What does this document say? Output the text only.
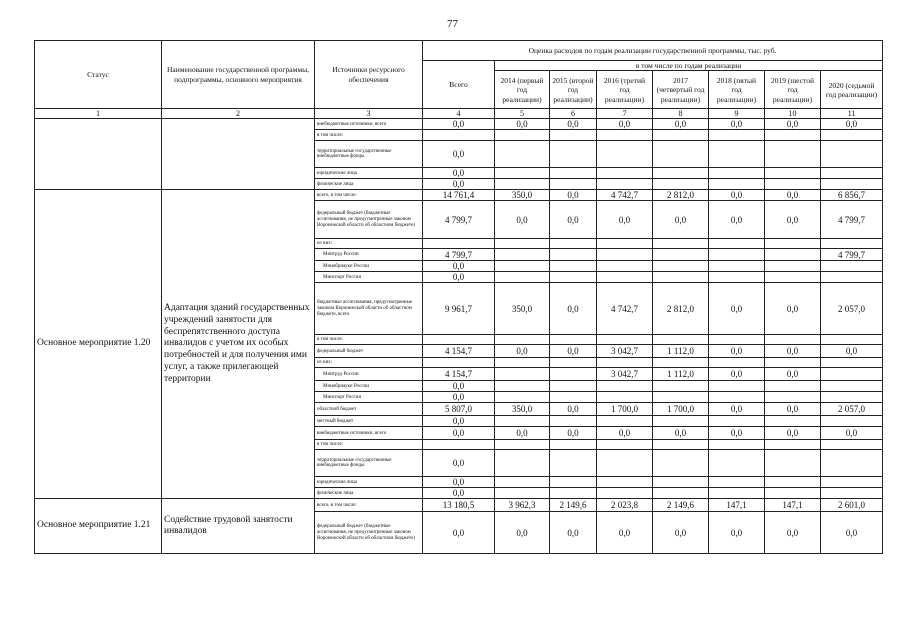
77
Статус	Наименование государственной программы, подпрограммы, основного мероприятия	Источники ресурсного обеспечения	Оценка расходов по годам реализации государственной программы, тыс. руб.							
			Всего	в том числе по годам реализации						
				2014 (первый год реализации)	2015 (второй год реализации)	2016 (третий год реализации)	2017 (четвертый год реализации)	2018 (пятый год реализации)	2019 (шестой год реализации)	2020 (седьмой год реализации)
1	2	3	4	5	6	7	8	9	10	11
		внебюджетные источники, всего	0,0	0,0	0,0	0,0	0,0	0,0	0,0	0,0
		в том числе:								
		территориальные государственные внебюджетные фонды	0,0							
		юридические лица	0,0							
		физические лица	0,0							
Основное мероприятие 1.20	Адаптация зданий государственных учреждений занятости для беспрепятственного доступа инвалидов с учетом их особых потребностей и для получения ими услуг, а также прилегающей территории	всего, в том числе:	14 761,4	350,0	0,0	4 742,7	2 812,0	0,0	0,0	6 856,7
		федеральный бюджет (бюджетные ассигнования, не предусмотренные законом Воронежской области об областном бюджете)	4 799,7	0,0	0,0	0,0	0,0	0,0	0,0	4 799,7
		из них:								
		Минтруд России	4 799,7							4 799,7
		Минобрнауки России	0,0							
		Минспорт России	0,0							
		бюджетные ассигнования, предусмотренные законом Воронежской области об областном бюджете, всего	9 961,7	350,0	0,0	4 742,7	2 812,0	0,0	0,0	2 057,0
		в том числе:								
		федеральный бюджет	4 154,7	0,0	0,0	3 042,7	1 112,0	0,0	0,0	0,0
		из них:								
		Минтруд России	4 154,7			3 042,7	1 112,0	0,0	0,0	
		Минобрнауки России	0,0							
		Минспорт России	0,0							
		областной бюджет	5 807,0	350,0	0,0	1 700,0	1 700,0	0,0	0,0	2 057,0
		местный бюджет	0,0							
		внебюджетные источники, всего	0,0	0,0	0,0	0,0	0,0	0,0	0,0	0,0
		в том числе:								
		территориальные государственные внебюджетные фонды	0,0							
		юридические лица	0,0							
		физические лица	0,0							
Основное мероприятие 1.21	Содействие трудовой занятости инвалидов	всего, в том числе:	13 180,5	3 962,3	2 149,6	2 023,8	2 149,6	147,1	147,1	2 601,0
		федеральный бюджет (бюджетные ассигнования, не предусмотренные законом Воронежской области об областном бюджете)	0,0	0,0	0,0	0,0	0,0	0,0	0,0	0,0
